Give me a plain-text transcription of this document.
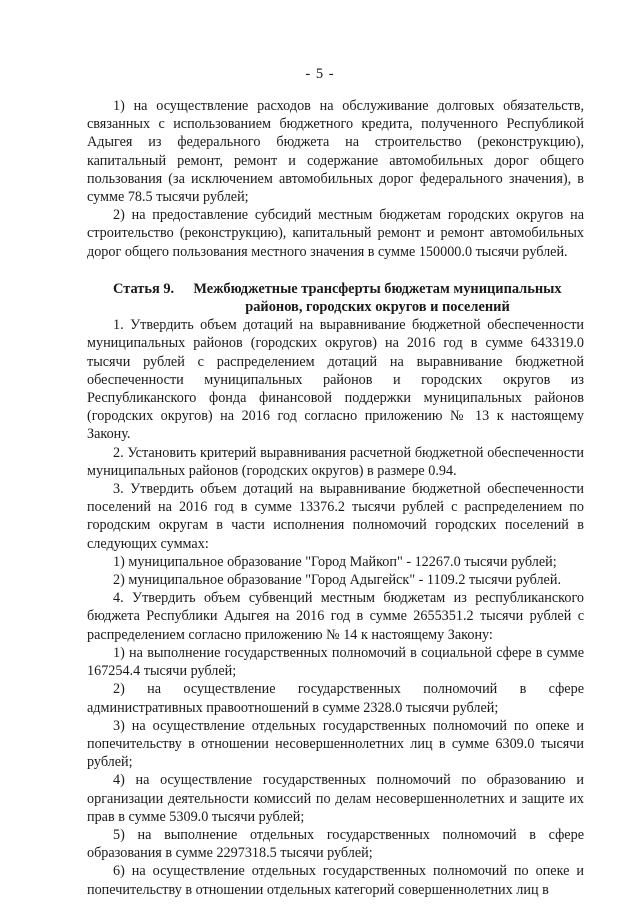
- 5 -

1) на осуществление расходов на обслуживание долговых обязательств, связанных с использованием бюджетного кредита, полученного Республикой Адыгея из федерального бюджета на строительство (реконструкцию), капитальный ремонт, ремонт и содержание автомобильных дорог общего пользования (за исключением автомобильных дорог федерального значения), в сумме 78.5 тысячи рублей;

2) на предоставление субсидий местным бюджетам городских округов на строительство (реконструкцию), капитальный ремонт и ремонт автомобильных дорог общего пользования местного значения в сумме 150000.0 тысячи рублей.

Статья 9.	Межбюджетные трансферты бюджетам муниципальных районов, городских округов и поселений

1. Утвердить объем дотаций на выравнивание бюджетной обеспеченности муниципальных районов (городских округов) на 2016 год в сумме 643319.0 тысячи рублей с распределением дотаций на выравнивание бюджетной обеспеченности муниципальных районов и городских округов из Республиканского фонда финансовой поддержки муниципальных районов (городских округов) на 2016 год согласно приложению № 13 к настоящему Закону.

2. Установить критерий выравнивания расчетной бюджетной обеспеченности муниципальных районов (городских округов) в размере 0.94.

3. Утвердить объем дотаций на выравнивание бюджетной обеспеченности поселений на 2016 год в сумме 13376.2 тысячи рублей с распределением по городским округам в части исполнения полномочий городских поселений в следующих суммах:

1) муниципальное образование "Город Майкоп" - 12267.0 тысячи рублей;

2) муниципальное образование "Город Адыгейск" - 1109.2 тысячи рублей.

4. Утвердить объем субвенций местным бюджетам из республиканского бюджета Республики Адыгея на 2016 год в сумме 2655351.2 тысячи рублей с распределением согласно приложению № 14 к настоящему Закону:

1) на выполнение государственных полномочий в социальной сфере в сумме 167254.4 тысячи рублей;

2) на осуществление государственных полномочий в сфере административных правоотношений в сумме 2328.0 тысячи рублей;

3) на осуществление отдельных государственных полномочий по опеке и попечительству в отношении несовершеннолетних лиц в сумме 6309.0 тысячи рублей;

4) на осуществление государственных полномочий по образованию и организации деятельности комиссий по делам несовершеннолетних и защите их прав в сумме 5309.0 тысячи рублей;

5) на выполнение отдельных государственных полномочий в сфере образования в сумме 2297318.5 тысячи рублей;

6) на осуществление отдельных государственных полномочий по опеке и попечительству в отношении отдельных категорий совершеннолетних лиц в
